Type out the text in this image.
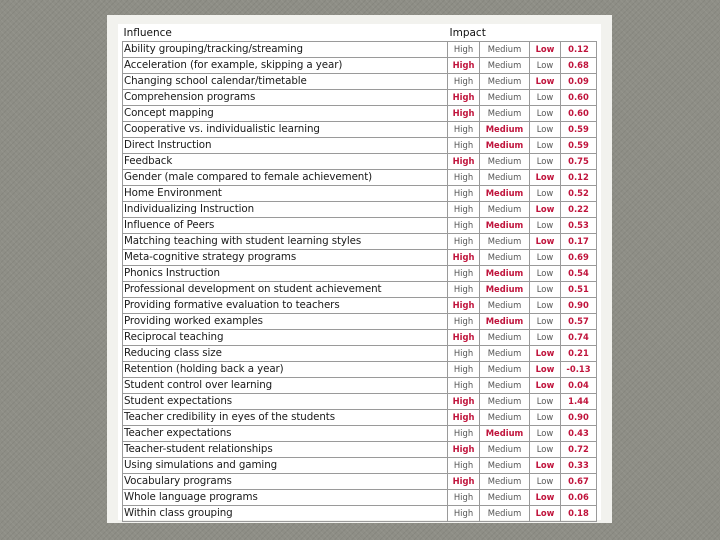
Influence	Impact			
Ability grouping/tracking/streaming	High	Medium	Low	0.12
Acceleration (for example, skipping a year)	High	Medium	Low	0.68
Changing school calendar/timetable	High	Medium	Low	0.09
Comprehension programs	High	Medium	Low	0.60
Concept mapping	High	Medium	Low	0.60
Cooperative vs. individualistic learning	High	Medium	Low	0.59
Direct Instruction	High	Medium	Low	0.59
Feedback	High	Medium	Low	0.75
Gender (male compared to female achievement)	High	Medium	Low	0.12
Home Environment	High	Medium	Low	0.52
Individualizing Instruction	High	Medium	Low	0.22
Influence of Peers	High	Medium	Low	0.53
Matching teaching with student learning styles	High	Medium	Low	0.17
Meta-cognitive strategy programs	High	Medium	Low	0.69
Phonics Instruction	High	Medium	Low	0.54
Professional development on student achievement	High	Medium	Low	0.51
Providing formative evaluation to teachers	High	Medium	Low	0.90
Providing worked examples	High	Medium	Low	0.57
Reciprocal teaching	High	Medium	Low	0.74
Reducing class size	High	Medium	Low	0.21
Retention (holding back a year)	High	Medium	Low	-0.13
Student control over learning	High	Medium	Low	0.04
Student expectations	High	Medium	Low	1.44
Teacher credibility in eyes of the students	High	Medium	Low	0.90
Teacher expectations	High	Medium	Low	0.43
Teacher-student relationships	High	Medium	Low	0.72
Using simulations and gaming	High	Medium	Low	0.33
Vocabulary programs	High	Medium	Low	0.67
Whole language programs	High	Medium	Low	0.06
Within class grouping	High	Medium	Low	0.18
